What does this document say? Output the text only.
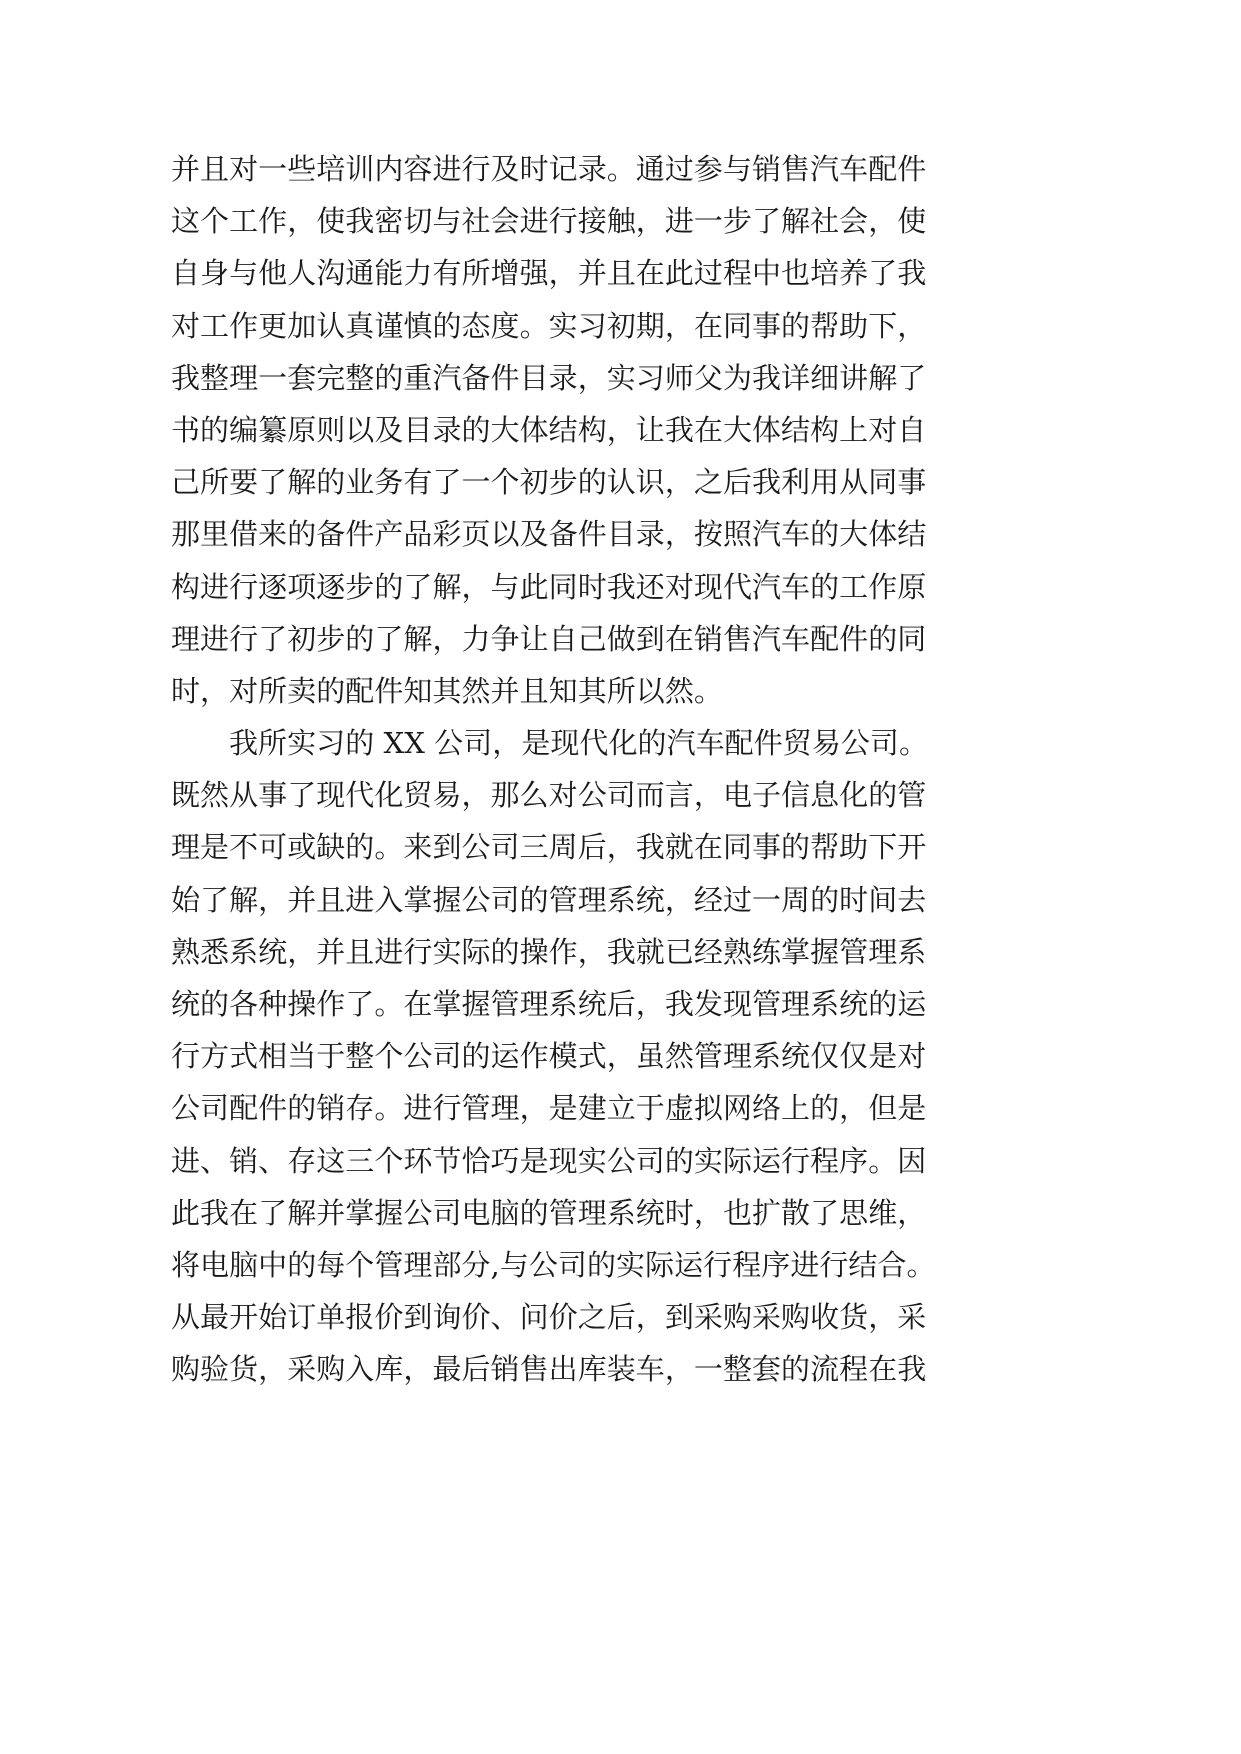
并且对一些培训内容进行及时记录。通过参与销售汽车配件
这个工作，使我密切与社会进行接触，进一步了解社会，使
自身与他人沟通能力有所增强，并且在此过程中也培养了我
对工作更加认真谨慎的态度。实习初期，在同事的帮助下，
我整理一套完整的重汽备件目录，实习师父为我详细讲解了
书的编纂原则以及目录的大体结构，让我在大体结构上对自
己所要了解的业务有了一个初步的认识，之后我利用从同事
那里借来的备件产品彩页以及备件目录，按照汽车的大体结
构进行逐项逐步的了解，与此同时我还对现代汽车的工作原
理进行了初步的了解，力争让自己做到在销售汽车配件的同
时，对所卖的配件知其然并且知其所以然。
我所实习的 XX 公司，是现代化的汽车配件贸易公司。
既然从事了现代化贸易，那么对公司而言，电子信息化的管
理是不可或缺的。来到公司三周后，我就在同事的帮助下开
始了解，并且进入掌握公司的管理系统，经过一周的时间去
熟悉系统，并且进行实际的操作，我就已经熟练掌握管理系
统的各种操作了。在掌握管理系统后，我发现管理系统的运
行方式相当于整个公司的运作模式，虽然管理系统仅仅是对
公司配件的销存。进行管理，是建立于虚拟网络上的，但是
进、销、存这三个环节恰巧是现实公司的实际运行程序。因
此我在了解并掌握公司电脑的管理系统时，也扩散了思维，
将电脑中的每个管理部分,与公司的实际运行程序进行结合。
从最开始订单报价到询价、问价之后，到采购采购收货，采
购验货，采购入库，最后销售出库装车，一整套的流程在我
